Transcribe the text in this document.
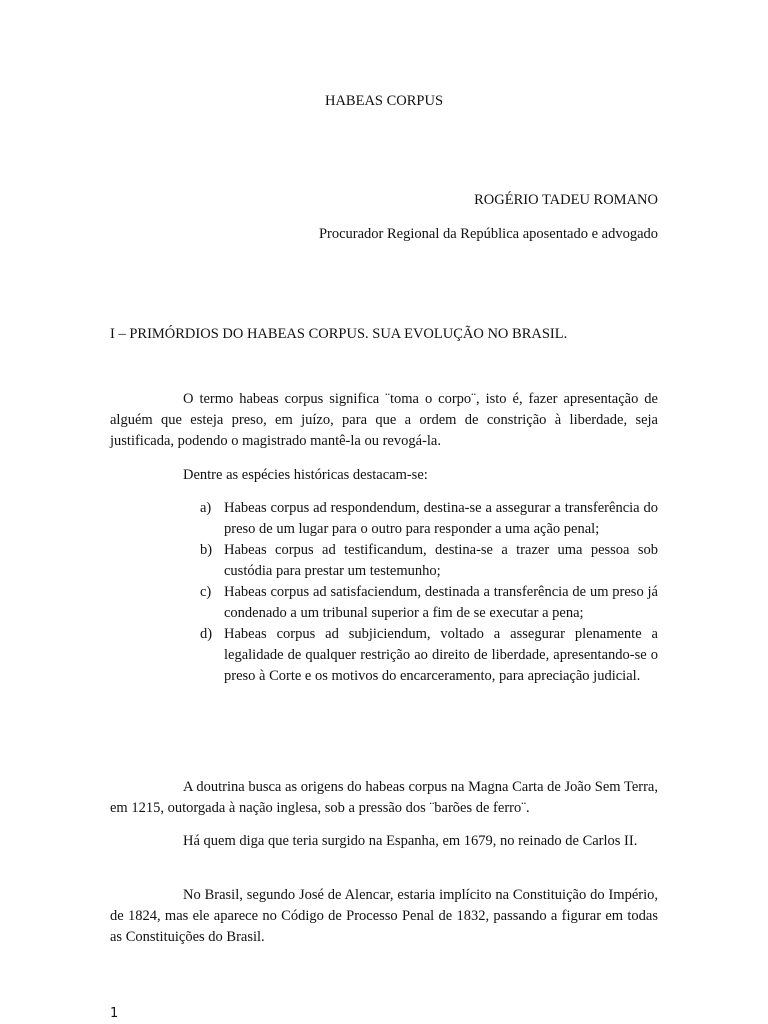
HABEAS CORPUS
ROGÉRIO TADEU ROMANO
Procurador Regional da República aposentado e advogado
I – PRIMÓRDIOS DO HABEAS CORPUS. SUA EVOLUÇÃO NO BRASIL.
O termo habeas corpus significa ¨toma o corpo¨, isto é, fazer apresentação de alguém que esteja preso, em juízo, para que a ordem de constrição à liberdade, seja justificada, podendo o magistrado mantê-la ou revogá-la.
Dentre as espécies históricas destacam-se:
a) Habeas corpus ad respondendum, destina-se a assegurar a transferência do preso de um lugar para o outro para responder a uma ação penal;
b) Habeas corpus ad testificandum, destina-se a trazer uma pessoa sob custódia para prestar um testemunho;
c) Habeas corpus ad satisfaciendum, destinada a transferência de um preso já condenado a um tribunal superior a fim de se executar a pena;
d) Habeas corpus ad subjiciendum, voltado a assegurar plenamente a legalidade de qualquer restrição ao direito de liberdade, apresentando-se o preso à Corte e os motivos do encarceramento, para apreciação judicial.
A doutrina busca as origens do habeas corpus na Magna Carta de João Sem Terra, em 1215, outorgada à nação inglesa, sob a pressão dos ¨barões de ferro¨.
Há quem diga que teria surgido na Espanha, em 1679, no reinado de Carlos II.
No Brasil, segundo José de Alencar, estaria implícito na Constituição do Império, de 1824, mas ele aparece no Código de Processo Penal de 1832, passando a figurar em todas as Constituições do Brasil.
1
